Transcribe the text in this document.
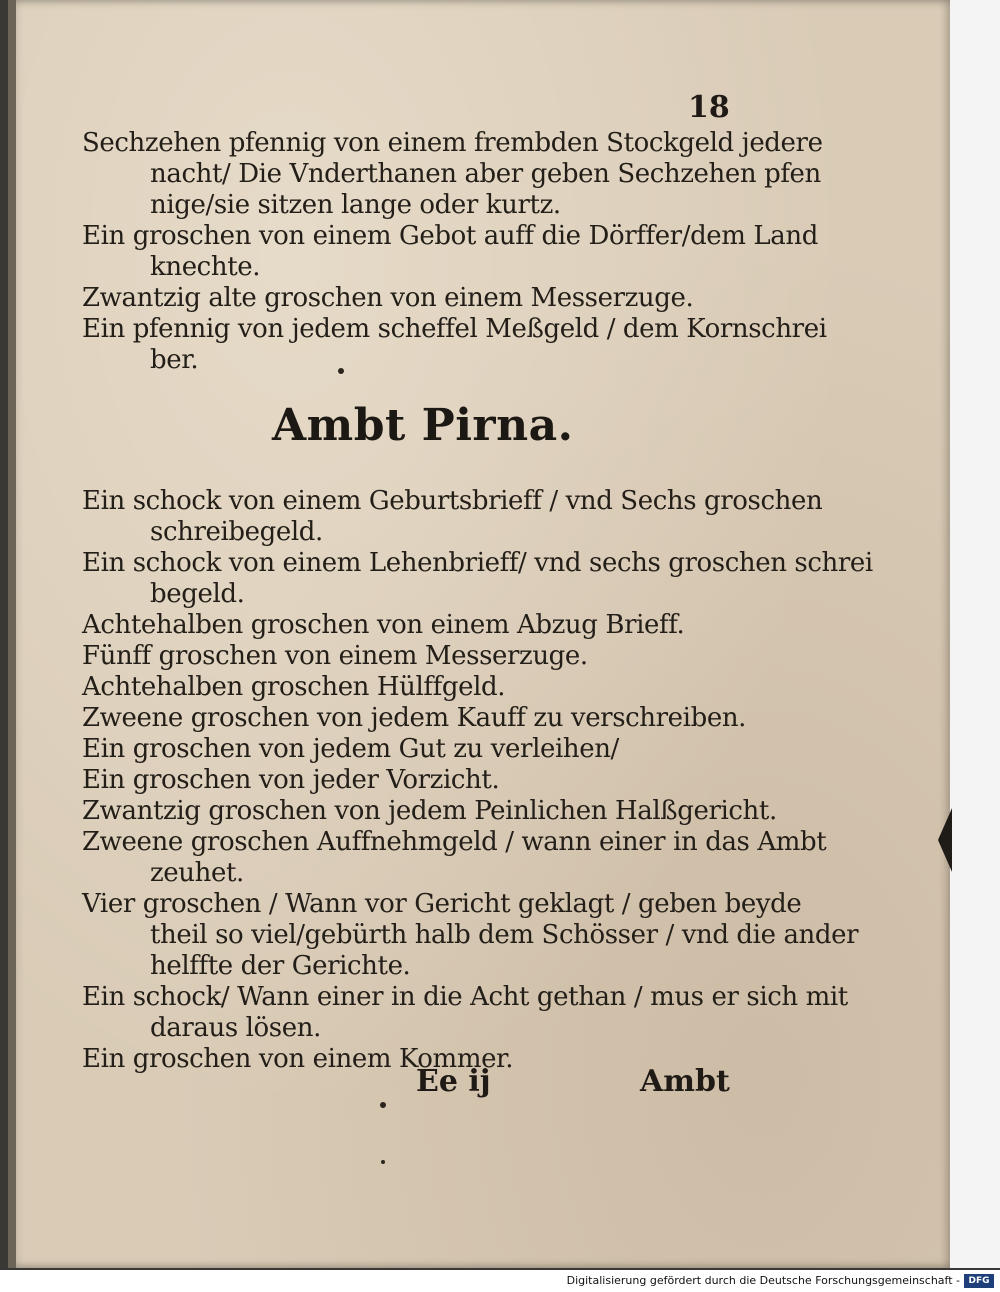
18

Sechzehen pfennig von einem frembden Stockgeld jedere
nacht/ Die Vnderthanen aber geben Sechzehen pfen
nige/sie sitzen lange oder kurtz.

Ein groschen von einem Gebot auff die Dörffer/dem Land
knechte.

Zwantzig alte groschen von einem Messerzuge.

Ein pfennig von jedem scheffel Meßgeld / dem Kornschrei
ber.

Ambt Pirna.

Ein schock von einem Geburtsbrieff / vnd Sechs groschen
schreibegeld.

Ein schock von einem Lehenbrieff/ vnd sechs groschen schrei
begeld.

Achtehalben groschen von einem Abzug Brieff.

Fünff groschen von einem Messerzuge.

Achtehalben groschen Hülffgeld.

Zweene groschen von jedem Kauff zu verschreiben.

Ein groschen von jedem Gut zu verleihen/

Ein groschen von jeder Vorzicht.

Zwantzig groschen von jedem Peinlichen Halßgericht.

Zweene groschen Auffnehmgeld / wann einer in das Ambt
zeuhet.

Vier groschen / Wann vor Gericht geklagt / geben beyde
theil so viel/gebürth halb dem Schösser / vnd die ander
helffte der Gerichte.

Ein schock/ Wann einer in die Acht gethan / mus er sich mit
daraus lösen.

Ein groschen von einem Kommer.

Ee ij	Ambt
Digitalisierung gefördert durch die Deutsche Forschungsgemeinschaft - DFG
